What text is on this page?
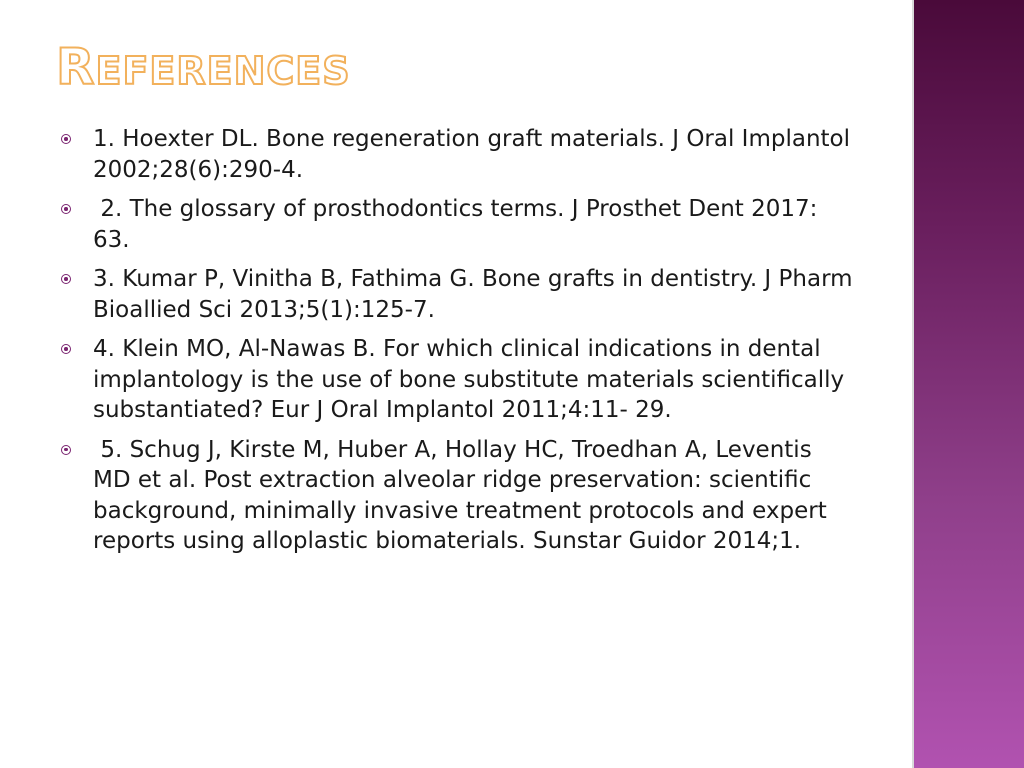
REFERENCES
1. Hoexter DL. Bone regeneration graft materials. J Oral Implantol 2002;28(6):290-4.
2. The glossary of prosthodontics terms. J Prosthet Dent 2017: 63.
3. Kumar P, Vinitha B, Fathima G. Bone grafts in dentistry. J Pharm Bioallied Sci 2013;5(1):125-7.
4. Klein MO, Al-Nawas B. For which clinical indications in dental implantology is the use of bone substitute materials scientifically substantiated? Eur J Oral Implantol 2011;4:11- 29.
5. Schug J, Kirste M, Huber A, Hollay HC, Troedhan A, Leventis MD et al. Post extraction alveolar ridge preservation: scientific background, minimally invasive treatment protocols and expert reports using alloplastic biomaterials. Sunstar Guidor 2014;1.
